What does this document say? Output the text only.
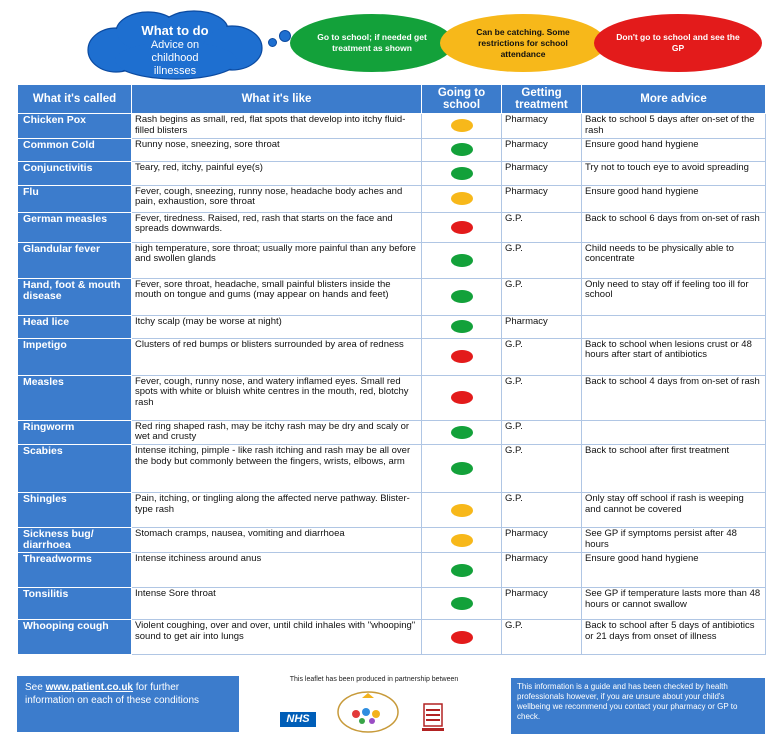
What to do
Advice on childhood illnesses
Go to school; if needed get treatment as shown
Can be catching. Some restrictions for school attendance
Don't go to school and see the GP
What it's called	What it's like	Going to school	Getting treatment	More advice
Chicken Pox	Rash begins as small, red, flat spots that develop into itchy fluid-filled blisters		Pharmacy	Back to school 5 days after on-set of the rash
Common Cold	Runny nose, sneezing, sore throat		Pharmacy	Ensure good hand hygiene
Conjunctivitis	Teary, red, itchy, painful eye(s)		Pharmacy	Try not to touch eye to avoid spreading
Flu	Fever, cough, sneezing, runny nose, headache body aches and pain, exhaustion, sore throat		Pharmacy	Ensure good hand hygiene
German measles	Fever, tiredness. Raised, red, rash that starts on the face and spreads downwards.		G.P.	Back to school 6 days from on-set of rash
Glandular fever	high temperature, sore throat; usually more painful than any before and swollen glands		G.P.	Child needs to be physically able to concentrate
Hand, foot & mouth disease	Fever, sore throat, headache, small painful blisters inside the mouth on tongue and gums (may appear on hands and feet)		G.P.	Only need to stay off if feeling too ill for school
Head lice	Itchy scalp (may be worse at night)		Pharmacy	
Impetigo	Clusters of red bumps or blisters surrounded by area of redness		G.P.	Back to school when lesions crust or 48 hours after start of antibiotics
Measles	Fever, cough, runny nose, and watery inflamed eyes. Small red spots with white or bluish white centres in the mouth, red, blotchy rash		G.P.	Back to school 4 days from on-set of rash
Ringworm	Red ring shaped rash, may be itchy rash may be dry and scaly or wet and crusty		G.P.	
Scabies	Intense itching, pimple - like rash itching and rash may be all over the body but commonly between the fingers, wrists, elbows, arm		G.P.	Back to school after first treatment
Shingles	Pain, itching, or tingling along the affected nerve pathway. Blister-type rash		G.P.	Only stay off school if rash is weeping and cannot be covered
Sickness bug/ diarrhoea	Stomach cramps, nausea, vomiting and diarrhoea		Pharmacy	See GP if symptoms persist after 48 hours
Threadworms	Intense itchiness around anus		Pharmacy	Ensure good hand hygiene
Tonsilitis	Intense Sore throat		Pharmacy	See GP if temperature lasts more than 48 hours or cannot swallow
Whooping cough	Violent coughing, over and over, until child inhales with "whooping" sound to get air into lungs		G.P.	Back to school after 5 days of antibiotics or 21 days from onset of illness
See www.patient.co.uk for further information on each of these conditions
This leaflet has been produced in partnership between
NHS
This information is a guide and has been checked by health professionals however, if you are unsure about your child's wellbeing we recommend you contact your pharmacy or GP to check.
